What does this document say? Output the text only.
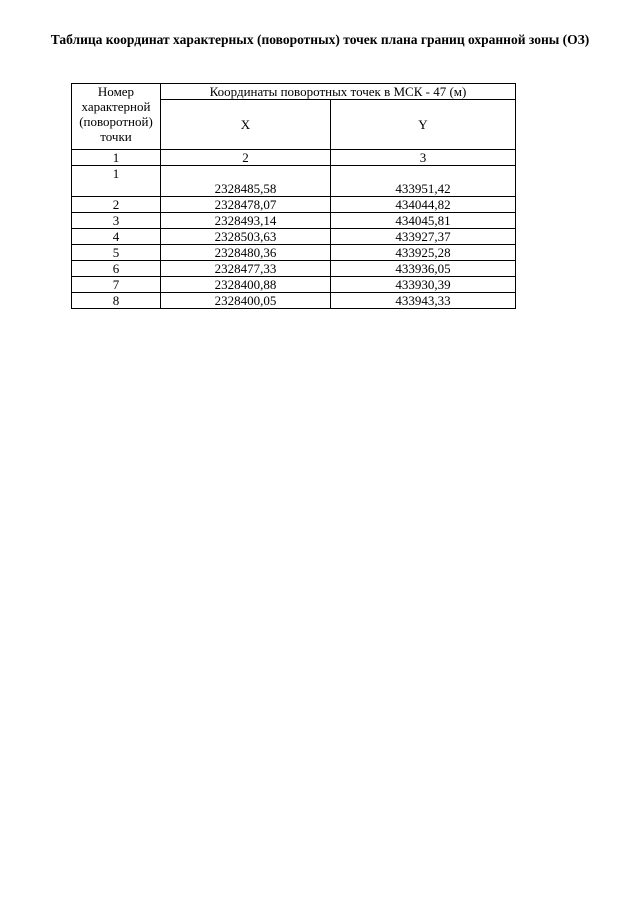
Таблица координат характерных (поворотных) точек плана границ охранной зоны (ОЗ)
Номер характерной (поворотной) точки	Координаты поворотных точек в МСК - 47 (м)	
	X	Y
1	2	3
1	2328485,58	433951,42
2	2328478,07	434044,82
3	2328493,14	434045,81
4	2328503,63	433927,37
5	2328480,36	433925,28
6	2328477,33	433936,05
7	2328400,88	433930,39
8	2328400,05	433943,33
